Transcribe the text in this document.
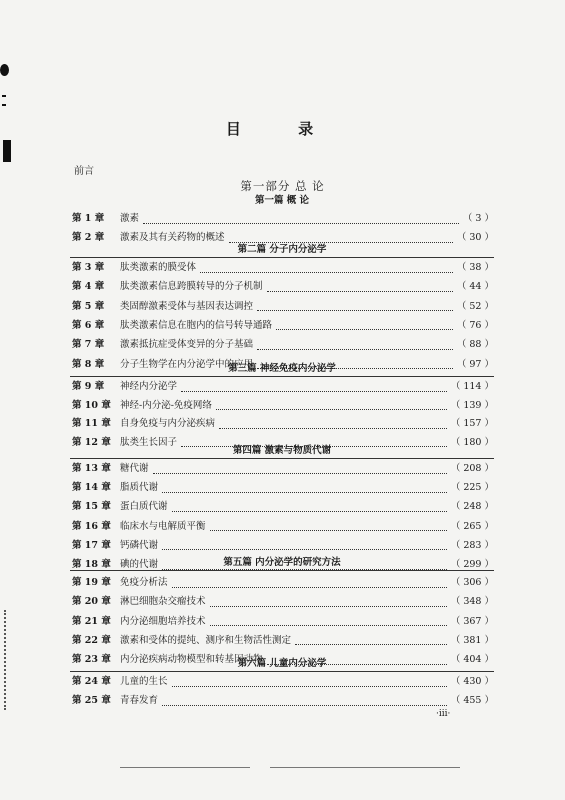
目 录
前言
第一部分 总 论
第一篇 概 论
第 1 章	激素	（ 3 ）
第 2 章	激素及其有关药物的概述	（ 30 ）
第二篇 分子内分泌学
第 3 章	肽类激素的膜受体	（ 38 ）
第 4 章	肽类激素信息跨膜转导的分子机制	（ 44 ）
第 5 章	类固醇激素受体与基因表达调控	（ 52 ）
第 6 章	肽类激素信息在胞内的信号转导通路	（ 76 ）
第 7 章	激素抵抗症受体变异的分子基础	（ 88 ）
第 8 章	分子生物学在内分泌学中的应用	（ 97 ）
第三篇 神经免疫内分泌学
第 9 章	神经内分泌学	（ 114 ）
第 10 章 神经-内分泌-免疫网络	（ 139 ）
第 11 章 自身免疫与内分泌疾病	（ 157 ）
第 12 章 肽类生长因子	（ 180 ）
第四篇 激素与物质代谢
第 13 章 糖代谢	（ 208 ）
第 14 章 脂质代谢	（ 225 ）
第 15 章 蛋白质代谢	（ 248 ）
第 16 章 临床水与电解质平衡	（ 265 ）
第 17 章 钙磷代谢	（ 283 ）
第 18 章 碘的代谢	（ 299 ）
第五篇 内分泌学的研究方法
第 19 章 免疫分析法	（ 306 ）
第 20 章 淋巴细胞杂交瘤技术	（ 348 ）
第 21 章 内分泌细胞培养技术	（ 367 ）
第 22 章 激素和受体的提纯、测序和生物活性测定	（ 381 ）
第 23 章 内分泌疾病动物模型和转基因动物	（ 404 ）
第六篇 儿童内分泌学
第 24 章 儿童的生长	（ 430 ）
第 25 章 青春发育	（ 455 ）
·iii·
